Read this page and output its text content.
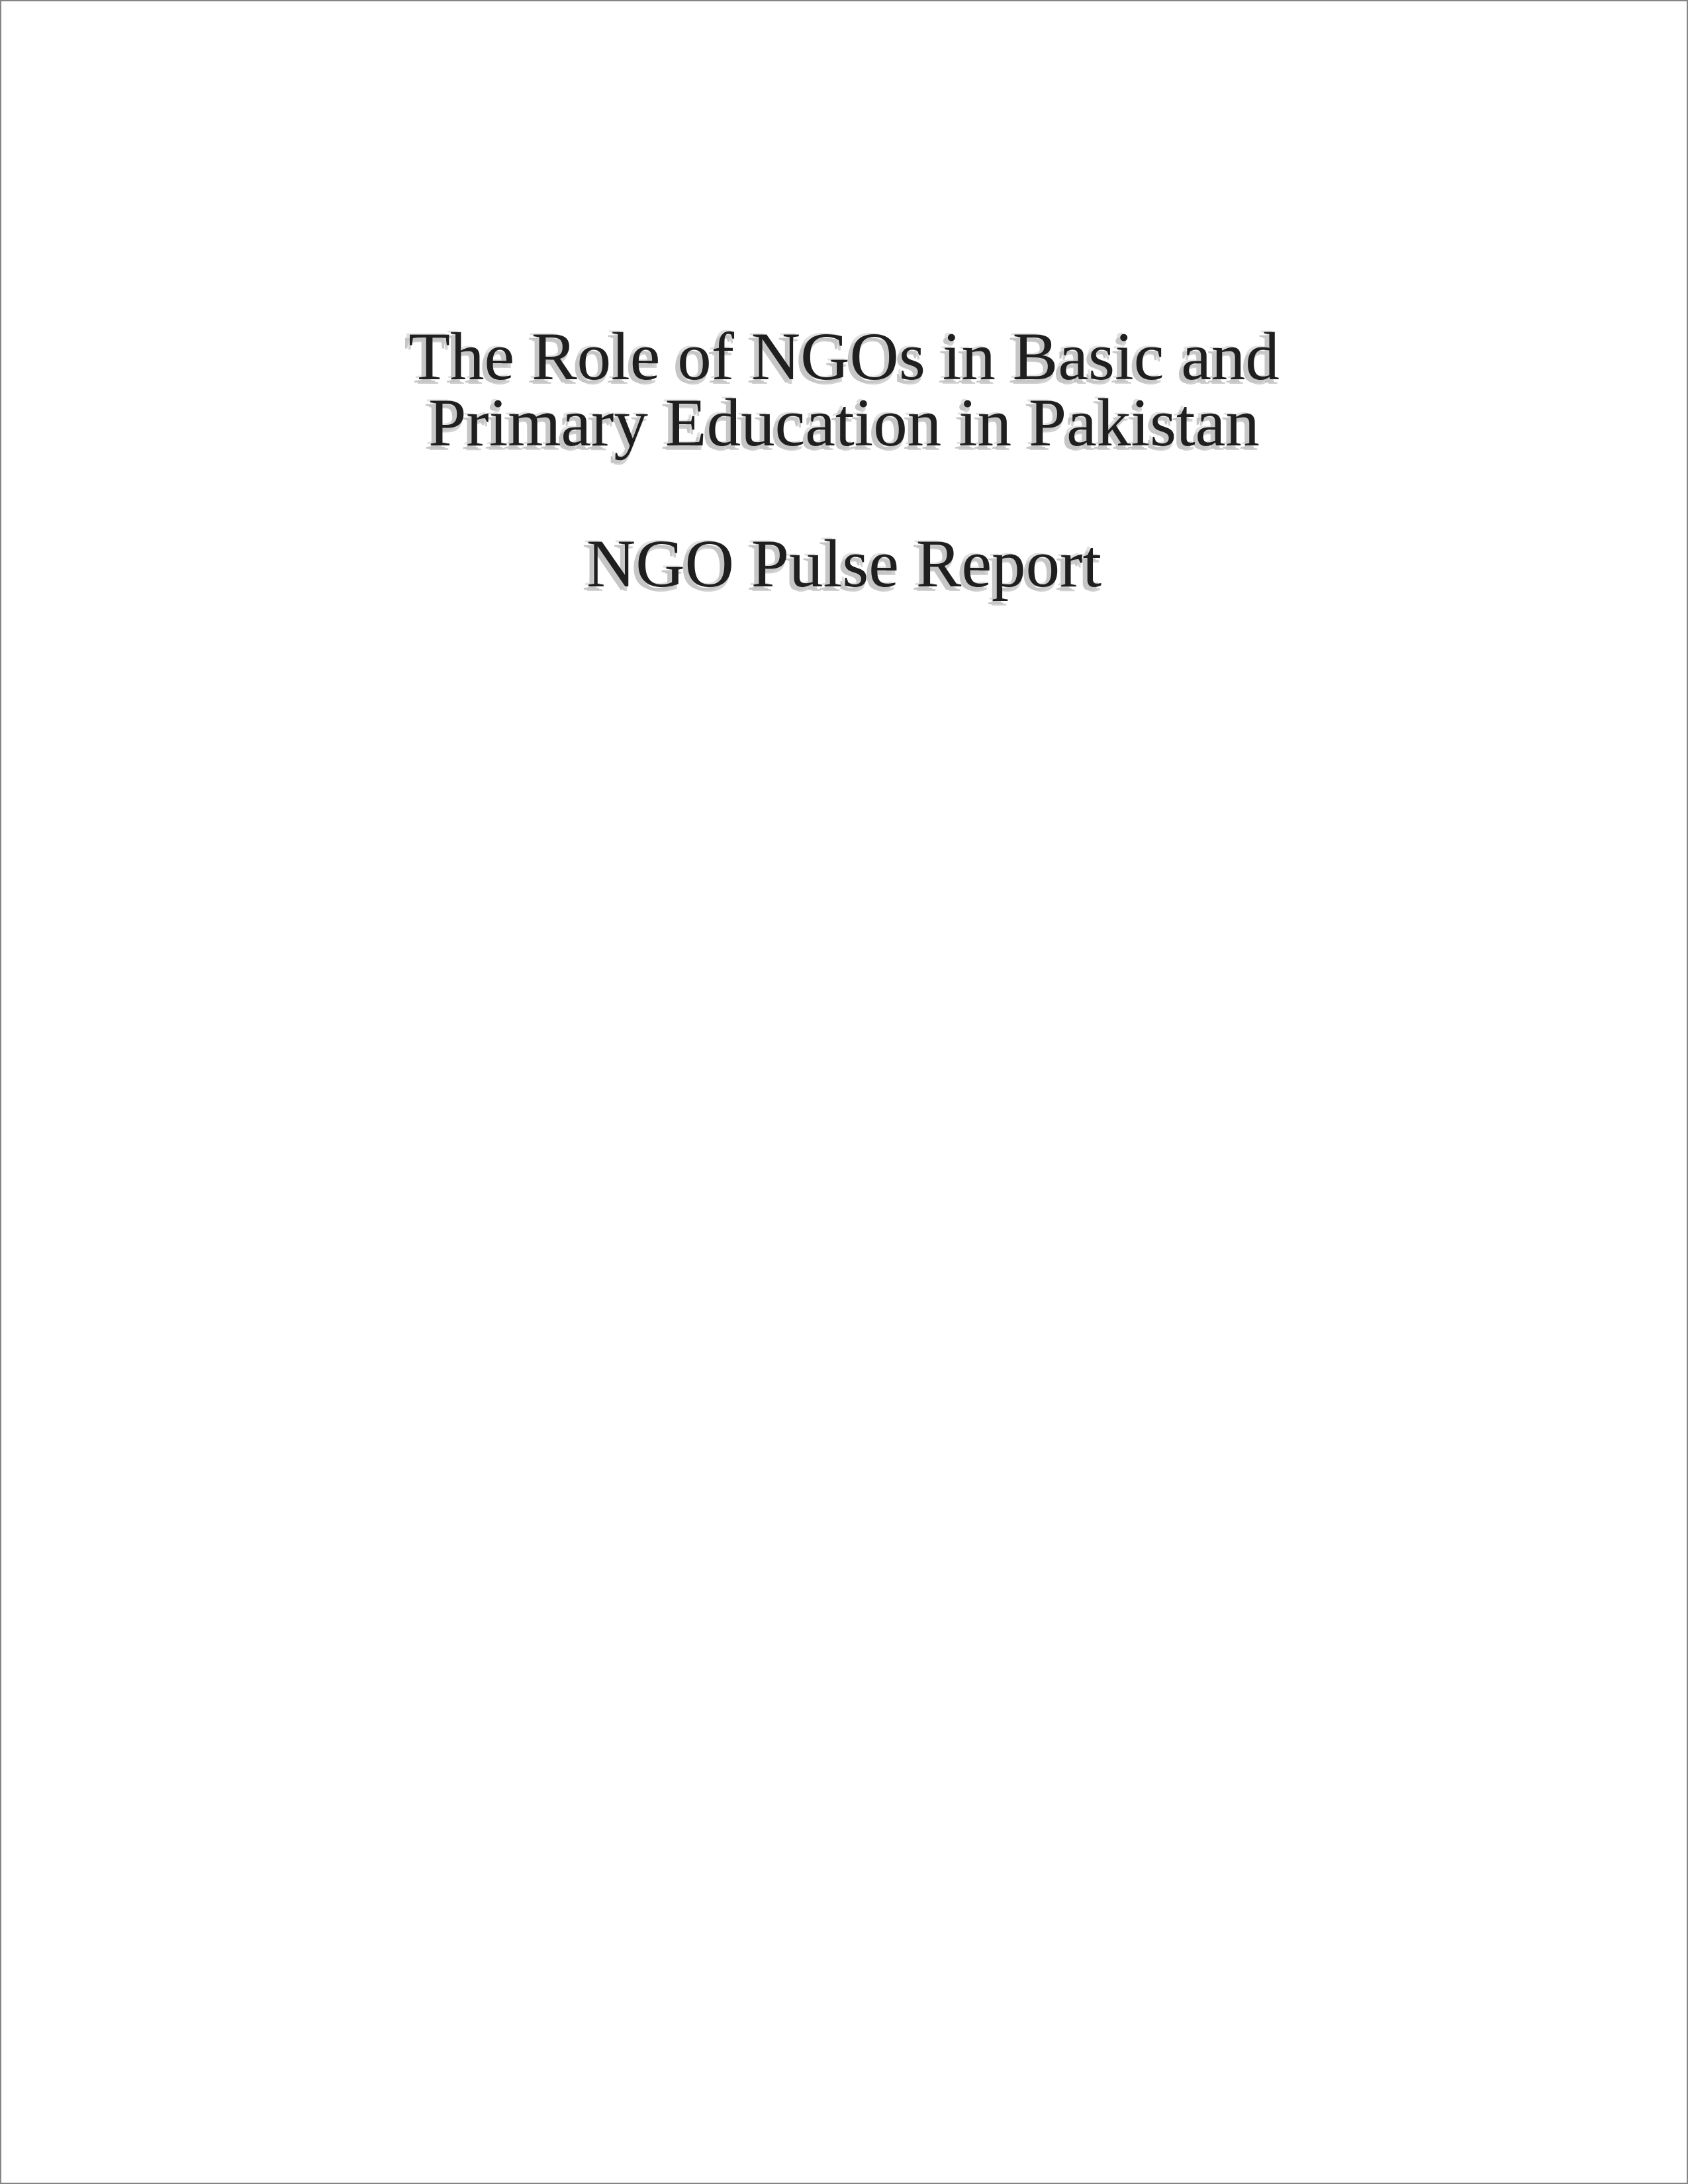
The Role of NGOs in Basic and
Primary Education in Pakistan
NGO Pulse Report
